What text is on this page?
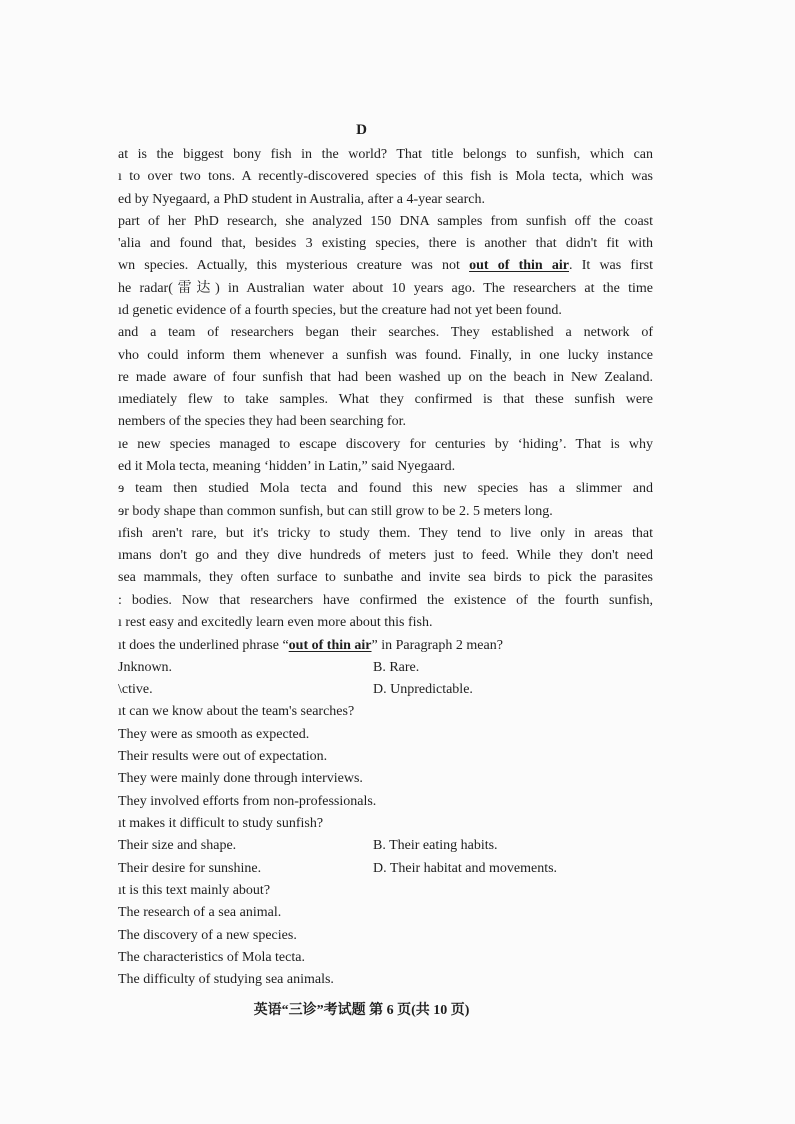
D
at is the biggest bony fish in the world? That title belongs to sunfish, which can
ı to over two tons. A recently-discovered species of this fish is Mola tecta, which was
ed by Nyegaard, a PhD student in Australia, after a 4-year search.
part of her PhD research, she analyzed 150 DNA samples from sunfish off the coast
'alia and found that, besides 3 existing species, there is another that didn't fit with
wn species. Actually, this mysterious creature was not out of thin air. It was first
he radar(雷达) in Australian water about 10 years ago. The researchers at the time
ıd genetic evidence of a fourth species, but the creature had not yet been found.
and a team of researchers began their searches. They established a network of
vho could inform them whenever a sunfish was found. Finally, in one lucky instance
re made aware of four sunfish that had been washed up on the beach in New Zealand.
ımediately flew to take samples. What they confirmed is that these sunfish were
nembers of the species they had been searching for.
ıe new species managed to escape discovery for centuries by ‘hiding’. That is why
ed it Mola tecta, meaning ‘hidden’ in Latin,” said Nyegaard.
ɘ team then studied Mola tecta and found this new species has a slimmer and
ɘr body shape than common sunfish, but can still grow to be 2. 5 meters long.
ıfish aren't rare, but it's tricky to study them. They tend to live only in areas that
ımans don't go and they dive hundreds of meters just to feed. While they don't need
sea mammals, they often surface to sunbathe and invite sea birds to pick the parasites
: bodies. Now that researchers have confirmed the existence of the fourth sunfish,
ı rest easy and excitedly learn even more about this fish.
ıt does the underlined phrase “out of thin air” in Paragraph 2 mean?
Jnknown.	B. Rare.
\ctive.	D. Unpredictable.
ıt can we know about the team's searches?
They were as smooth as expected.
Their results were out of expectation.
They were mainly done through interviews.
They involved efforts from non-professionals.
ıt makes it difficult to study sunfish?
Their size and shape.	B. Their eating habits.
Their desire for sunshine.	D. Their habitat and movements.
ıt is this text mainly about?
The research of a sea animal.
The discovery of a new species.
The characteristics of Mola tecta.
The difficulty of studying sea animals.
英语“三诊”考试题 第 6 页(共 10 页)
